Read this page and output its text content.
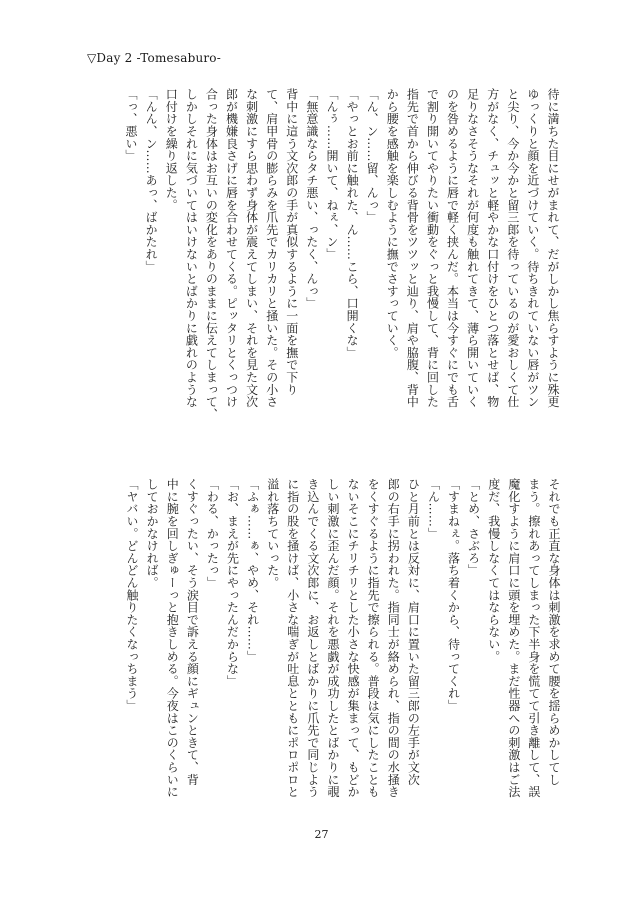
▽Day 2 -Tomesaburo-

待に満ちた目にせがまれて、だがしかし焦らすように殊更

ゆっくりと顔を近づけていく。待ちきれていない唇がツン

と尖り、今か今かと留三郎を待っているのが愛おしくて仕

方がなく、チュッと軽やかな口付けをひとつ落とせば、物

足りなさそうなそれが何度も触れてきて、薄ら開いていく

のを咎めるように唇で軽く挟んだ。本当は今すぐにでも舌

で割り開いてやりたい衝動をぐっと我慢して、背に回した

指先で首から伸びる背骨をツツッと辿り、肩や脇腹、背中

から腰を感触を楽しむように撫でさすっていく。

「ん、ン……留、んっ」

「やっとお前に触れた、ん……こら、口開くな」

「んぅ……開いて、ねぇ、ン」

「無意識ならタチ悪い、ったく、んっ」

背中に這う文次郎の手が真似するように一面を撫で下り

て、肩甲骨の膨らみを爪先でカリカリと掻いた。その小さ

な刺激にすら思わず身体が震えてしまい、それを見た文次

郎が機嫌良さげに唇を合わせてくる。ピッタリとくっつけ

合った身体はお互いの変化をありのままに伝えてしまって、

しかしそれに気づいてはいけないとばかりに戯れのような

口付けを繰り返した。

「んん、ン……あっ、ばかたれ」

「っ、悪い」

それでも正直な身体は刺激を求めて腰を揺らめかしてし

まう。擦れあってしまった下半身を慌てて引き離して、誤

魔化すように肩口に頭を埋めた。まだ性器への刺激はご法

度だ、我慢しなくてはならない。

「とめ、さぶろ」

「すまねぇ。落ち着くから、待ってくれ」

「ん……」

ひと月前とは反対に、肩口に置いた留三郎の左手が文次

郎の右手に拐われた。指同士が絡められ、指の間の水掻き

をくすぐるように指先で擦られる。普段は気にしたことも

ないそこにチリチリとした小さな快感が集まって、もどか

しい刺激に歪んだ顔。それを悪戯が成功したとばかりに覗

き込んでくる文次郎に、お返しとばかりに爪先で同じよう

に指の股を掻けば、小さな喘ぎが吐息とともにポロポロと

溢れ落ちていった。

「ふぁ……ぁ、やめ、それ……」

「お、まえが先にやったんだからな」

「わる、かったっ」

くすぐったい、そう涙目で訴える顔にギュンときて、背

中に腕を回しぎゅーっと抱きしめる。今夜はこのくらいに

しておかなければ。

「ヤバい。どんどん触りたくなっちまう」

27
